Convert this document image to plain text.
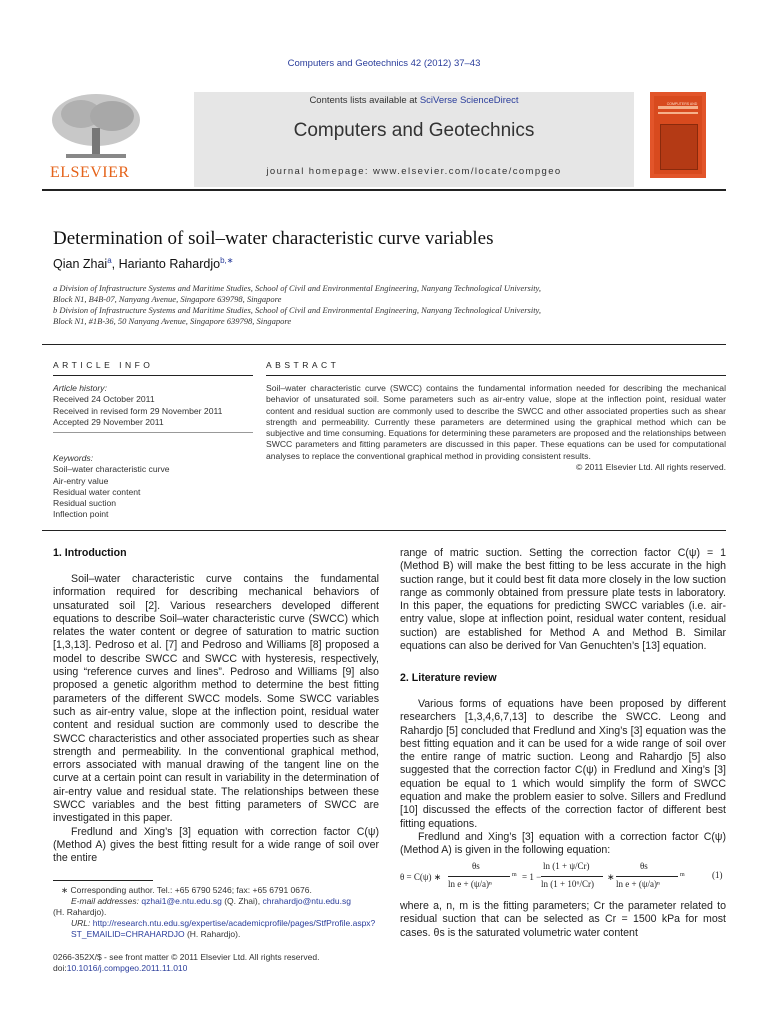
Computers and Geotechnics 42 (2012) 37–43
ELSEVIER
Contents lists available at SciVerse ScienceDirect
Computers and Geotechnics
journal homepage: www.elsevier.com/locate/compgeo
COMPUTERS AND
Determination of soil–water characteristic curve variables
Qian Zhai$^a$, Harianto Rahardjo$^{b,∗}$
a Division of Infrastructure Systems and Maritime Studies, School of Civil and Environmental Engineering, Nanyang Technological University,
Block N1, B4B-07, Nanyang Avenue, Singapore 639798, Singapore
b Division of Infrastructure Systems and Maritime Studies, School of Civil and Environmental Engineering, Nanyang Technological University,
Block N1, #1B-36, 50 Nanyang Avenue, Singapore 639798, Singapore
ARTICLE INFO
Article history:
Received 24 October 2011
Received in revised form 29 November 2011
Accepted 29 November 2011
Keywords:
Soil–water characteristic curve
Air-entry value
Residual water content
Residual suction
Inflection point
ABSTRACT
Soil–water characteristic curve (SWCC) contains the fundamental information needed for describing the mechanical behavior of unsaturated soil. Some parameters such as air-entry value, slope at the inflection point, residual water content and residual suction are commonly used to describe the SWCC and other associated properties such as shear strength and permeability. Currently these parameters are determined using the graphical method which can be subjective and time consuming. Equations for determining these parameters are proposed and the relationships between SWCC parameters and fitting parameters are discussed in this paper. These equations can be used for computational analyses to replace the conventional graphical method in providing consistent results.
© 2011 Elsevier Ltd. All rights reserved.
1. Introduction
Soil–water characteristic curve contains the fundamental information required for describing mechanical behaviors of unsaturated soil [2]. Various researchers developed different equations to describe Soil–water characteristic curve (SWCC) which relates the water content or degree of saturation to matric suction [1,3,13]. Pedroso et al. [7] and Pedroso and Williams [8] proposed a model to describe SWCC and SWCC with hysteresis, respectively, using “reference curves and lines”. Pedroso and Williams [9] also proposed a genetic algorithm method to determine the best fitting parameters of the different SWCC models. Some SWCC variables such as air-entry value, slope at the inflection point, residual water content and residual suction are commonly used to describe the SWCC characteristics and other associated properties such as shear strength and permeability. In the conventional graphical method, errors associated with manual drawing of the tangent line on the curve at a certain point can result in variability in the determination of air-entry value and residual state. The relationships between these SWCC variables and the best fitting parameters of SWCC are investigated in this paper.
Fredlund and Xing’s [3] equation with correction factor C(ψ) (Method A) gives the best fitting result for a wide range of soil over the entire
∗ Corresponding author. Tel.: +65 6790 5246; fax: +65 6791 0676.
E-mail addresses: qzhai1@e.ntu.edu.sg (Q. Zhai), chrahardjo@ntu.edu.sg
(H. Rahardjo).
URL: http://research.ntu.edu.sg/expertise/academicprofile/pages/StfProfile.aspx?ST_EMAILID=CHRAHARDJO (H. Rahardjo).
0266-352X/$ - see front matter © 2011 Elsevier Ltd. All rights reserved.
doi:10.1016/j.compgeo.2011.11.010
range of matric suction. Setting the correction factor C(ψ) = 1 (Method B) will make the best fitting to be less accurate in the high suction range, but it could best fit data more closely in the low suction range as commonly obtained from pressure plate tests in laboratory. In this paper, the equations for predicting SWCC variables (i.e. air-entry value, slope at inflection point, residual water content, residual suction) are established for Method A and Method B. Similar equations can also be derived for Van Genuchten’s [13] equation.
2. Literature review
Various forms of equations have been proposed by different researchers [1,3,4,6,7,13] to describe the SWCC. Leong and Rahardjo [5] concluded that Fredlund and Xing’s [3] equation was the best fitting equation and it can be used for a wide range of soil over the entire range of matric suction. Leong and Rahardjo [5] also suggested that the correction factor C(ψ) in Fredlund and Xing’s [3] equation be equal to 1 which would simplify the form of SWCC equation and make the problem easier to solve. Sillers and Fredlund [10] discussed the effects of the correction factor of different best fitting equations.
Fredlund and Xing’s [3] equation with a correction factor C(ψ) (Method A) is given in the following equation:
θ = C(ψ) ∗
θs
ln e + (ψ/a)ⁿ
m = 1 −
ln (1 + ψ/Cr)
ln (1 + 10⁶/Cr)
∗
θs
ln e + (ψ/a)ⁿ
m	(1)
where a, n, m is the fitting parameters; Cr the parameter related to residual suction that can be selected as Cr = 1500 kPa for most cases. θs is the saturated volumetric water content
